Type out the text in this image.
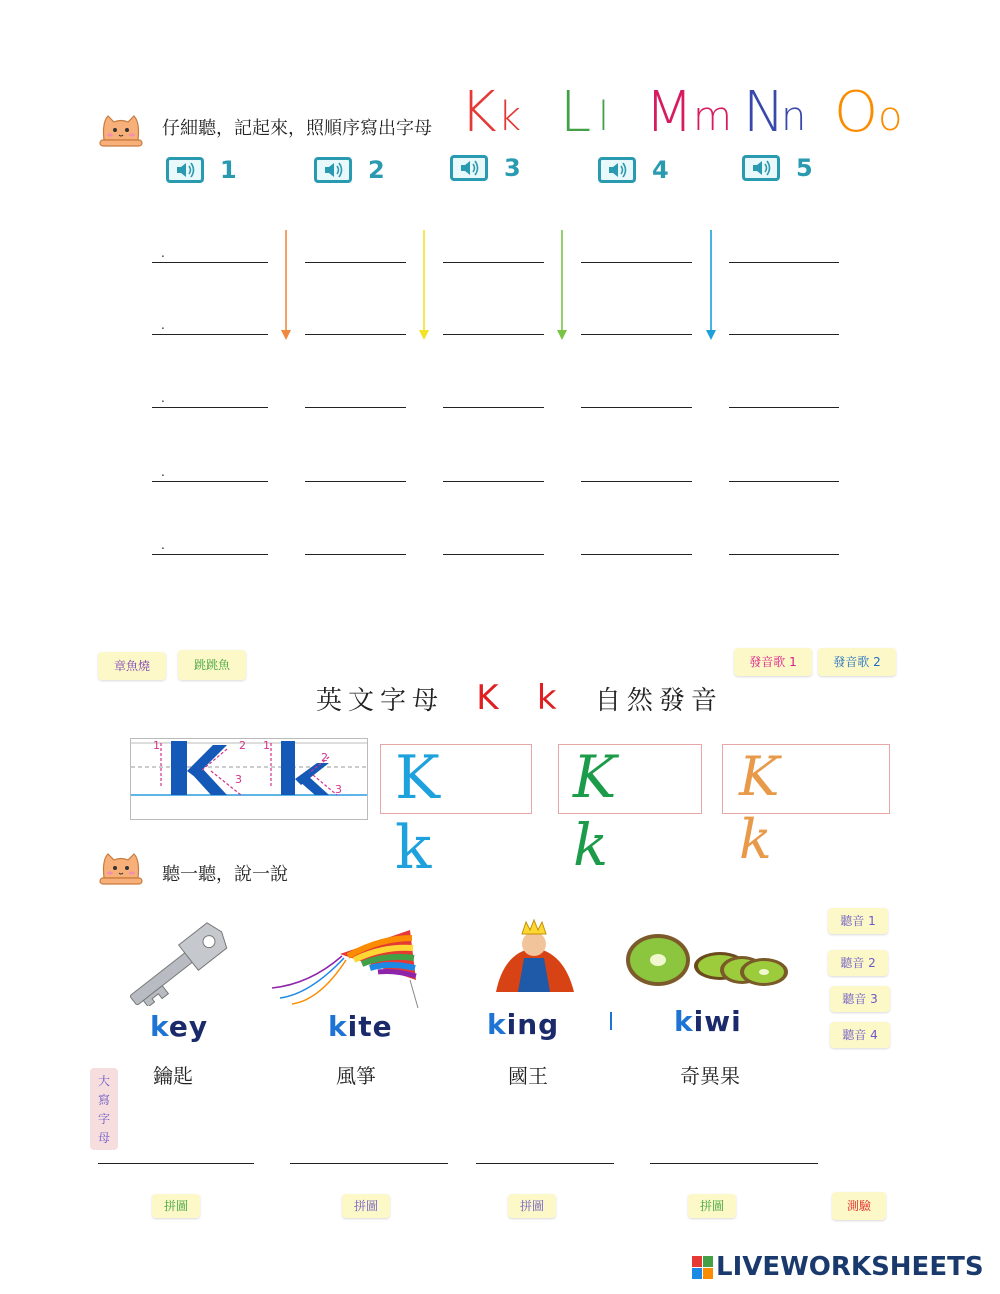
仔細聽，記起來，照順序寫出字母 K k L l M m N
n O o
1	2	3	4	5
.
.
.
.
.
章魚燒	跳跳魚	發音歌 1	發音歌 2
英文字母 K k 自然發音
1	2
3
1
2
3 K k
K k
K k
聽一聽，說一說
key
鑰匙
kite
風箏
king
國王
kiwi
奇異果
聽音 1
聽音 2
聽音 3
聽音 4
大
寫
字
母
拼圖	拼圖	拼圖	拼圖	測驗
LIVEWORKSHEETS
